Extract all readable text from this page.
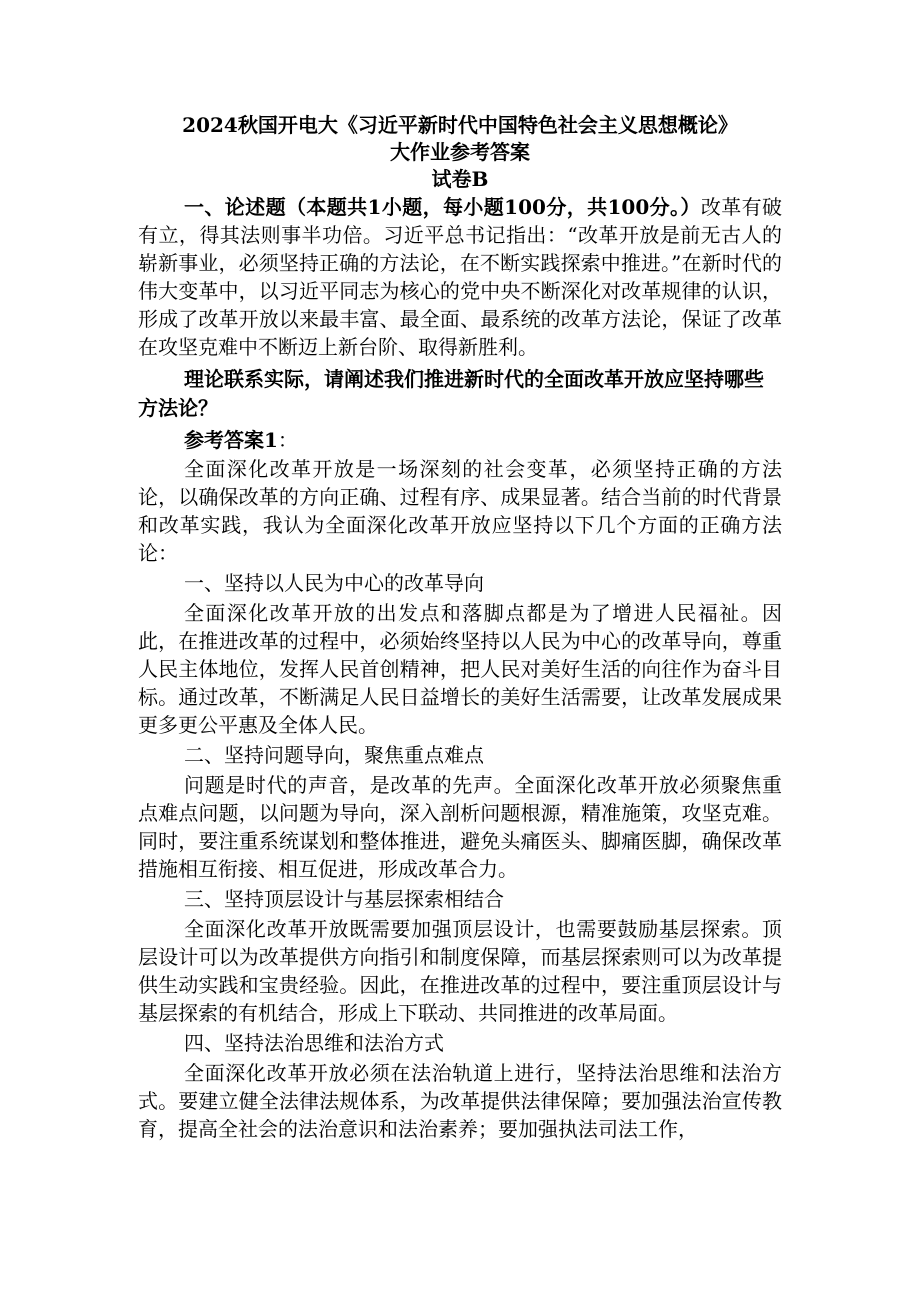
2024秋国开电大《习近平新时代中国特色社会主义思想概论》

大作业参考答案

试卷B

一、论述题（本题共1小题，每小题100分，共100分。）改革有破有立，得其法则事半功倍。习近平总书记指出：“改革开放是前无古人的崭新事业，必须坚持正确的方法论，在不断实践探索中推进。”在新时代的伟大变革中，以习近平同志为核心的党中央不断深化对改革规律的认识，形成了改革开放以来最丰富、最全面、最系统的改革方法论，保证了改革在攻坚克难中不断迈上新台阶、取得新胜利。

理论联系实际，请阐述我们推进新时代的全面改革开放应坚持哪些方法论？

参考答案1：

全面深化改革开放是一场深刻的社会变革，必须坚持正确的方法论，以确保改革的方向正确、过程有序、成果显著。结合当前的时代背景和改革实践，我认为全面深化改革开放应坚持以下几个方面的正确方法论：

一、坚持以人民为中心的改革导向

全面深化改革开放的出发点和落脚点都是为了增进人民福祉。因此，在推进改革的过程中，必须始终坚持以人民为中心的改革导向，尊重人民主体地位，发挥人民首创精神，把人民对美好生活的向往作为奋斗目标。通过改革，不断满足人民日益增长的美好生活需要，让改革发展成果更多更公平惠及全体人民。

二、坚持问题导向，聚焦重点难点

问题是时代的声音，是改革的先声。全面深化改革开放必须聚焦重点难点问题，以问题为导向，深入剖析问题根源，精准施策，攻坚克难。同时，要注重系统谋划和整体推进，避免头痛医头、脚痛医脚，确保改革措施相互衔接、相互促进，形成改革合力。

三、坚持顶层设计与基层探索相结合

全面深化改革开放既需要加强顶层设计，也需要鼓励基层探索。顶层设计可以为改革提供方向指引和制度保障，而基层探索则可以为改革提供生动实践和宝贵经验。因此，在推进改革的过程中，要注重顶层设计与基层探索的有机结合，形成上下联动、共同推进的改革局面。

四、坚持法治思维和法治方式

全面深化改革开放必须在法治轨道上进行，坚持法治思维和法治方式。要建立健全法律法规体系，为改革提供法律保障；要加强法治宣传教育，提高全社会的法治意识和法治素养；要加强执法司法工作，
